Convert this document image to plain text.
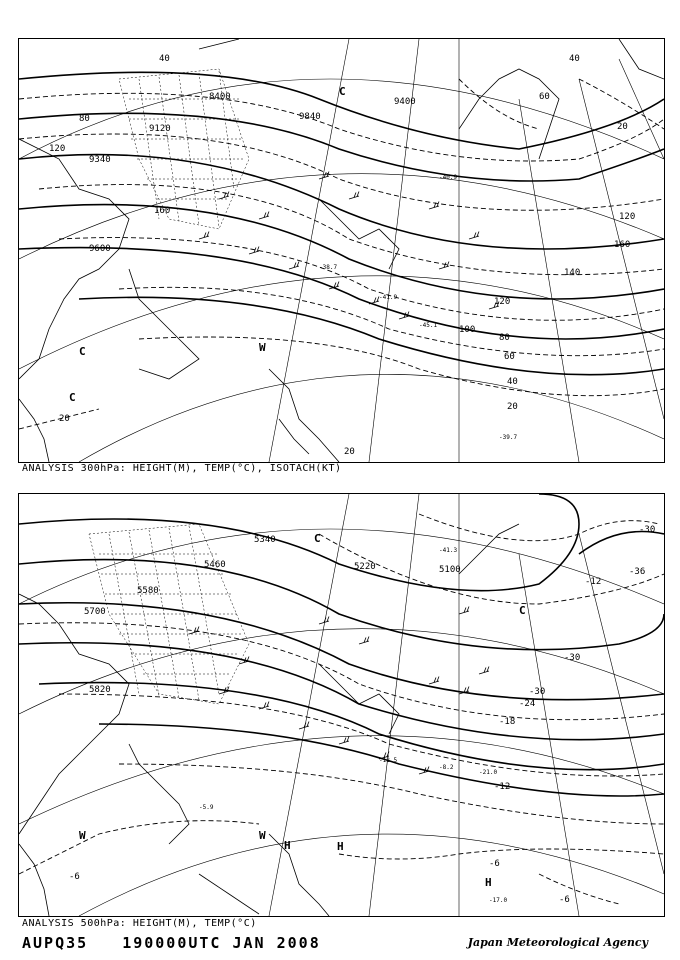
8400
9120
9340
9600
9840
9400
40
80
120
160
140
120
100
80
60
40
20
20
20
20
60
40
120
160
C
C
W
C
-41.9
-40.9
-45.1
-39.7
-38.7
ANALYSIS 300hPa: HEIGHT(M), TEMP(°C), ISOTACH(KT)
5340
5460
5580
5700
5820
5220	5100
-30
-36
-12
-30
-24
-18
-12
-6
-6
-6
-30
C
W	W
H	H
H
C
-41.3
-5.9
-8.2
-17.0
-12.5
-21.0
ANALYSIS 500hPa: HEIGHT(M), TEMP(°C)
AUPQ35 190000UTC JAN 2008	Japan Meteorological Agency
